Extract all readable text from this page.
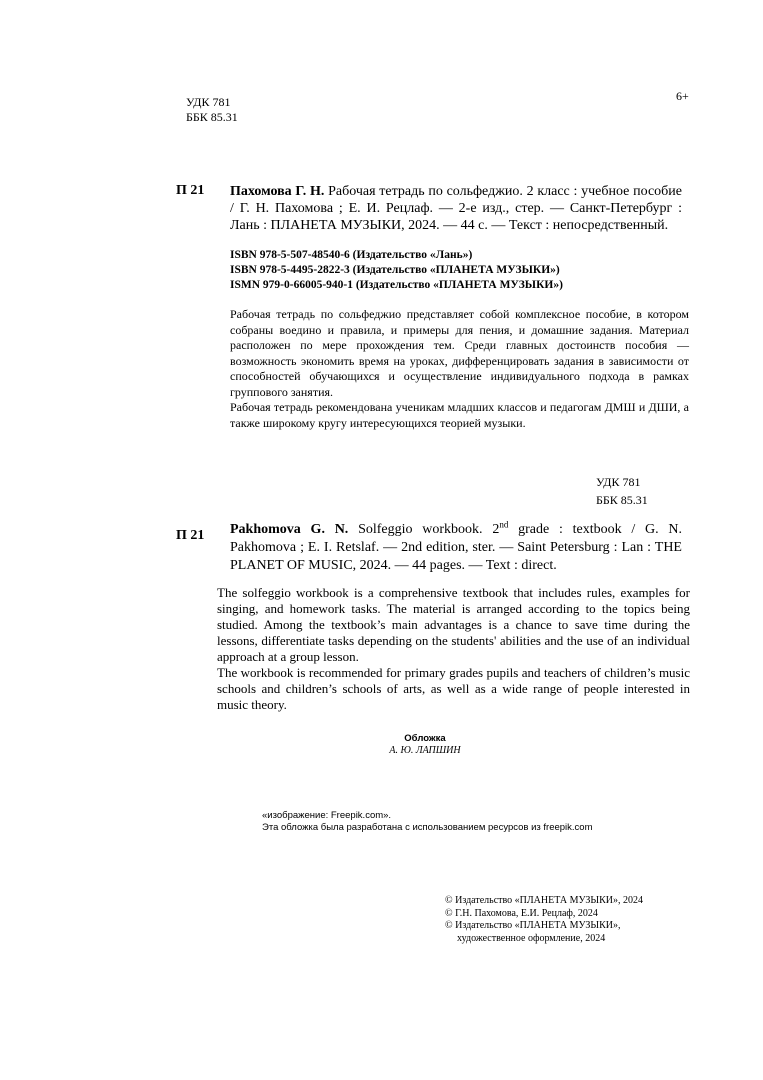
УДК 781
ББК 85.31
6+
П 21 Пахомова Г. Н. Рабочая тетрадь по сольфеджио. 2 класс : учебное пособие / Г. Н. Пахомова ; Е. И. Рецлаф. — 2-е изд., стер. — Санкт-Петербург : Лань : ПЛАНЕТА МУЗЫКИ, 2024. — 44 с. — Текст : непосредственный.
ISBN 978-5-507-48540-6 (Издательство «Лань»)
ISBN 978-5-4495-2822-3 (Издательство «ПЛАНЕТА МУЗЫКИ»)
ISMN 979-0-66005-940-1 (Издательство «ПЛАНЕТА МУЗЫКИ»)

Рабочая тетрадь по сольфеджио представляет собой комплексное пособие, в котором собраны воедино и правила, и примеры для пения, и домашние задания. Материал расположен по мере прохождения тем. Среди главных достоинств пособия — возможность экономить время на уроках, дифференцировать задания в зависимости от способностей обучающихся и осуществление индивидуального подхода в рамках группового занятия.

Рабочая тетрадь рекомендована ученикам младших классов и педагогам ДМШ и ДШИ, а также широкому кругу интересующихся теорией музыки.

УДК 781
ББК 85.31
П 21 Pakhomova G. N. Solfeggio workbook. 2nd grade : textbook / G. N. Pakhomova ; E. I. Retslaf. — 2nd edition, ster. — Saint Petersburg : Lan : THE PLANET OF MUSIC, 2024. — 44 pages. — Text : direct.

The solfeggio workbook is a comprehensive textbook that includes rules, examples for singing, and homework tasks. The material is arranged according to the topics being studied. Among the textbook’s main advantages is a chance to save time during the lessons, differentiate tasks depending on the students' abilities and the use of an individual approach at a group lesson.

The workbook is recommended for primary grades pupils and teachers of children’s music schools and children’s schools of arts, as well as a wide range of people interested in music theory.

Обложка
А. Ю. ЛАПШИН
«изображение: Freepik.com».
Эта обложка была разработана с использованием ресурсов из freepik.com
© Издательство «ПЛАНЕТА МУЗЫКИ», 2024
© Г.Н. Пахомова, Е.И. Рецлаф, 2024
© Издательство «ПЛАНЕТА МУЗЫКИ»,
художественное оформление, 2024
